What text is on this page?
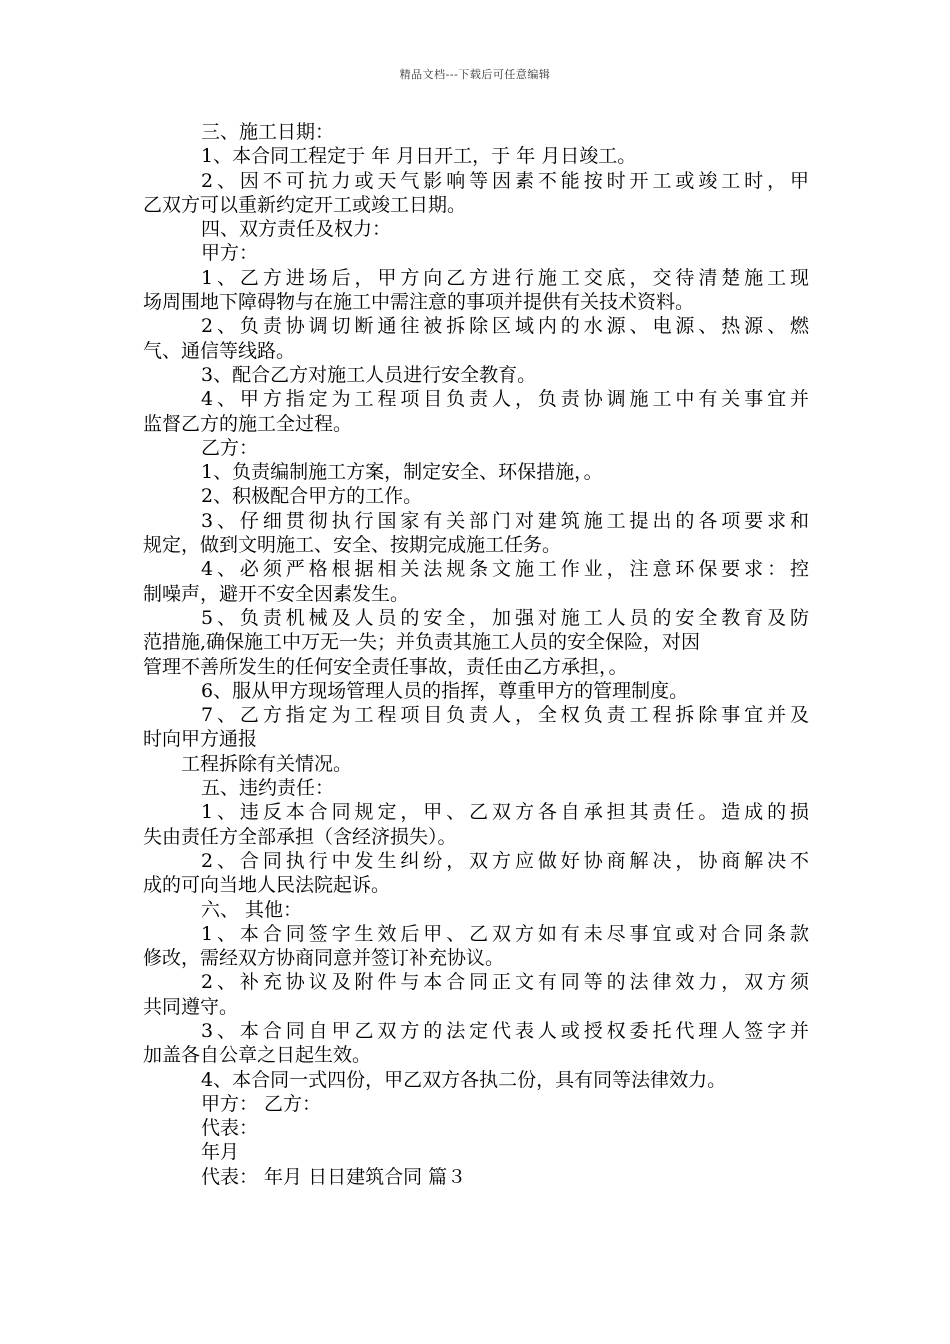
精品文档---下载后可任意编辑
三、施工日期：
1、本合同工程定于 年 月日开工，于 年 月日竣工。
2、因不可抗力或天气影响等因素不能按时开工或竣工时，甲
乙双方可以重新约定开工或竣工日期。
四、双方责任及权力：
甲方：
1、乙方进场后，甲方向乙方进行施工交底，交待清楚施工现
场周围地下障碍物与在施工中需注意的事项并提供有关技术资料。
2、负责协调切断通往被拆除区域内的水源、电源、热源、燃
气、通信等线路。
3、配合乙方对施工人员进行安全教育。
4、甲方指定为工程项目负责人，负责协调施工中有关事宜并
监督乙方的施工全过程。
乙方：
1、负责编制施工方案，制定安全、环保措施，。
2、积极配合甲方的工作。
3、仔细贯彻执行国家有关部门对建筑施工提出的各项要求和
规定，做到文明施工、安全、按期完成施工任务。
4、必须严格根据相关法规条文施工作业，注意环保要求：控
制噪声，避开不安全因素发生。
5、负责机械及人员的安全，加强对施工人员的安全教育及防
范措施,确保施工中万无一失；并负责其施工人员的安全保险，对因
管理不善所发生的任何安全责任事故，责任由乙方承担，。
6、服从甲方现场管理人员的指挥，尊重甲方的管理制度。
7、乙方指定为工程项目负责人，全权负责工程拆除事宜并及
时向甲方通报
工程拆除有关情况。
五、违约责任：
1、违反本合同规定，甲、乙双方各自承担其责任。造成的损
失由责任方全部承担（含经济损失）。
2、合同执行中发生纠纷，双方应做好协商解决，协商解决不
成的可向当地人民法院起诉。
六、 其他：
1、本合同签字生效后甲、乙双方如有未尽事宜或对合同条款
修改，需经双方协商同意并签订补充协议。
2、补充协议及附件与本合同正文有同等的法律效力，双方须
共同遵守。
3、本合同自甲乙双方的法定代表人或授权委托代理人签字并
加盖各自公章之日起生效。
4、本合同一式四份，甲乙双方各执二份，具有同等法律效力。
甲方： 乙方：
代表：
年月
代表： 年月 日日建筑合同 篇３
